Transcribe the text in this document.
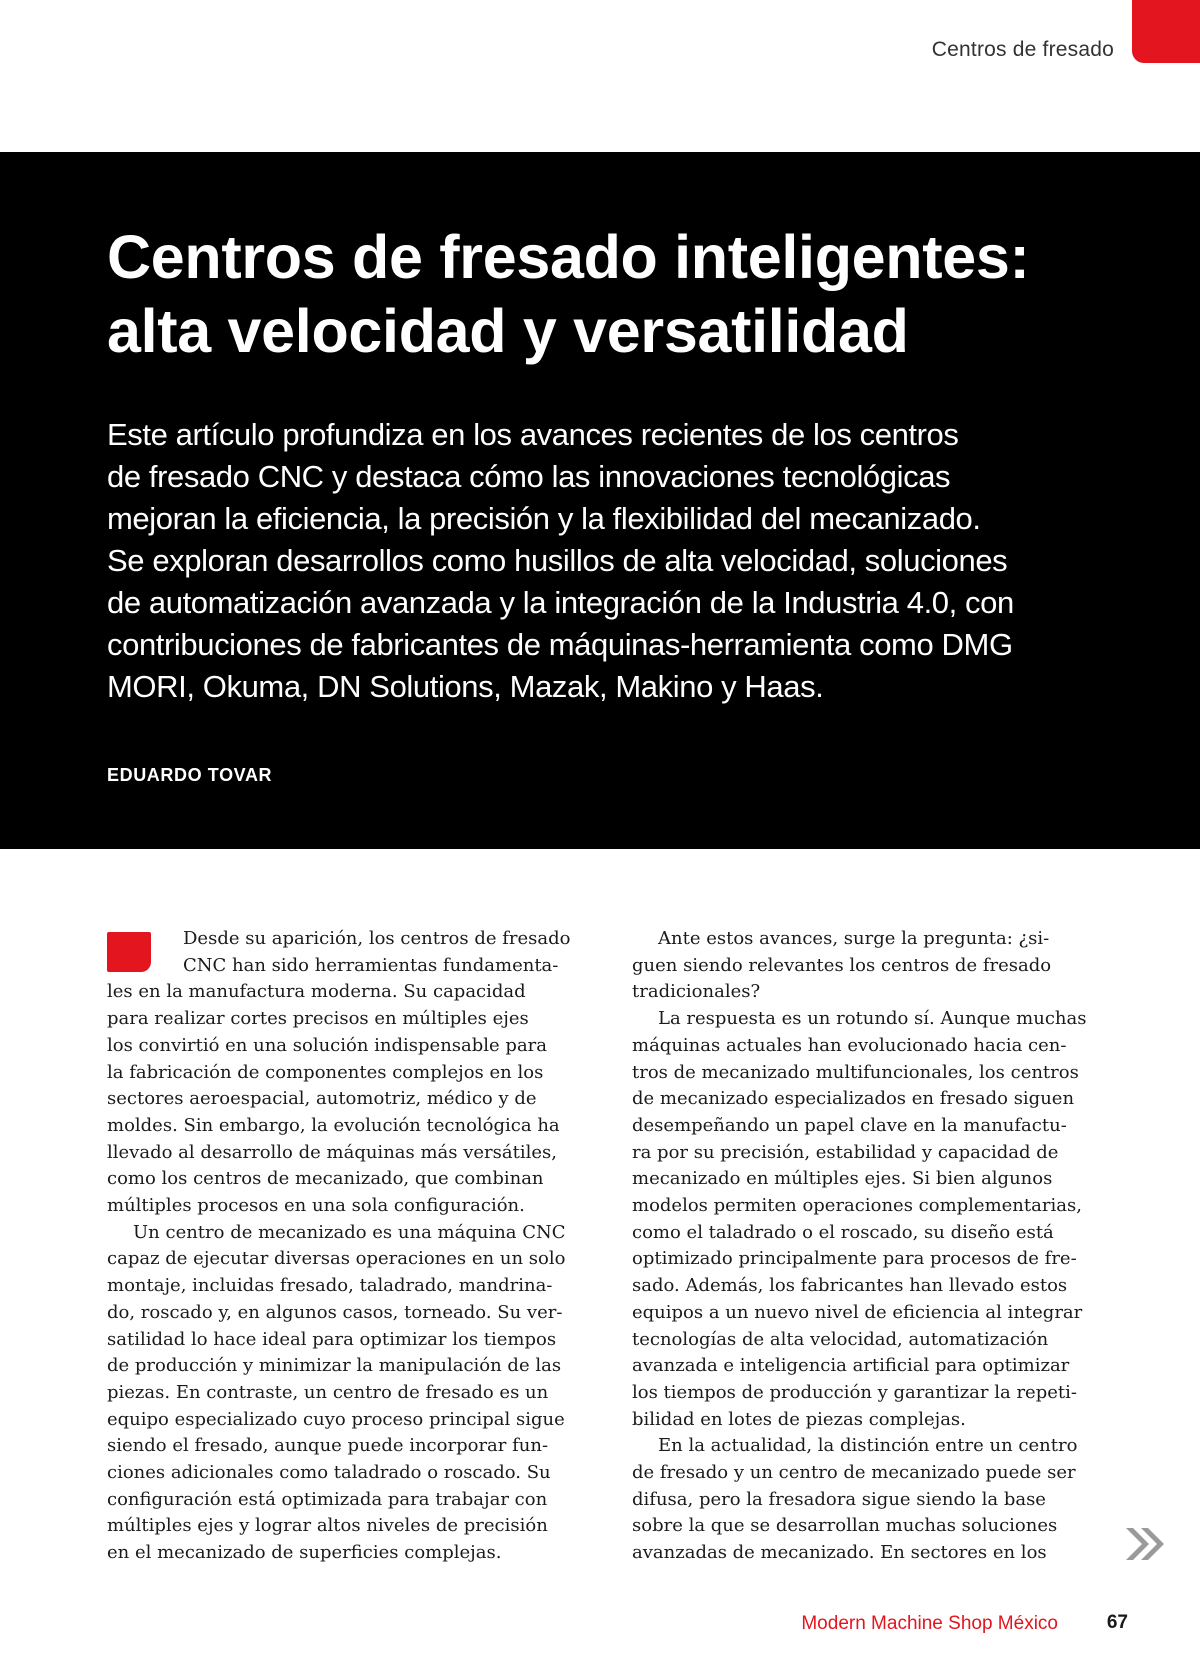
Centros de fresado
Centros de fresado inteligentes:
alta velocidad y versatilidad
Este artículo profundiza en los avances recientes de los centros
de fresado CNC y destaca cómo las innovaciones tecnológicas
mejoran la eficiencia, la precisión y la flexibilidad del mecanizado.
Se exploran desarrollos como husillos de alta velocidad, soluciones
de automatización avanzada y la integración de la Industria 4.0, con
contribuciones de fabricantes de máquinas-herramienta como DMG
MORI, Okuma, DN Solutions, Mazak, Makino y Haas.
EDUARDO TOVAR
Desde su aparición, los centros de fresado
CNC han sido herramientas fundamenta-
les en la manufactura moderna. Su capacidad
para realizar cortes precisos en múltiples ejes
los convirtió en una solución indispensable para
la fabricación de componentes complejos en los
sectores aeroespacial, automotriz, médico y de
moldes. Sin embargo, la evolución tecnológica ha
llevado al desarrollo de máquinas más versátiles,
como los centros de mecanizado, que combinan
múltiples procesos en una sola configuración.
Un centro de mecanizado es una máquina CNC
capaz de ejecutar diversas operaciones en un solo
montaje, incluidas fresado, taladrado, mandrina-
do, roscado y, en algunos casos, torneado. Su ver-
satilidad lo hace ideal para optimizar los tiempos
de producción y minimizar la manipulación de las
piezas. En contraste, un centro de fresado es un
equipo especializado cuyo proceso principal sigue
siendo el fresado, aunque puede incorporar fun-
ciones adicionales como taladrado o roscado. Su
configuración está optimizada para trabajar con
múltiples ejes y lograr altos niveles de precisión
en el mecanizado de superficies complejas.
Ante estos avances, surge la pregunta: ¿si-
guen siendo relevantes los centros de fresado
tradicionales?
La respuesta es un rotundo sí. Aunque muchas
máquinas actuales han evolucionado hacia cen-
tros de mecanizado multifuncionales, los centros
de mecanizado especializados en fresado siguen
desempeñando un papel clave en la manufactu-
ra por su precisión, estabilidad y capacidad de
mecanizado en múltiples ejes. Si bien algunos
modelos permiten operaciones complementarias,
como el taladrado o el roscado, su diseño está
optimizado principalmente para procesos de fre-
sado. Además, los fabricantes han llevado estos
equipos a un nuevo nivel de eficiencia al integrar
tecnologías de alta velocidad, automatización
avanzada e inteligencia artificial para optimizar
los tiempos de producción y garantizar la repeti-
bilidad en lotes de piezas complejas.
En la actualidad, la distinción entre un centro
de fresado y un centro de mecanizado puede ser
difusa, pero la fresadora sigue siendo la base
sobre la que se desarrollan muchas soluciones
avanzadas de mecanizado. En sectores en los
Modern Machine Shop México	67
